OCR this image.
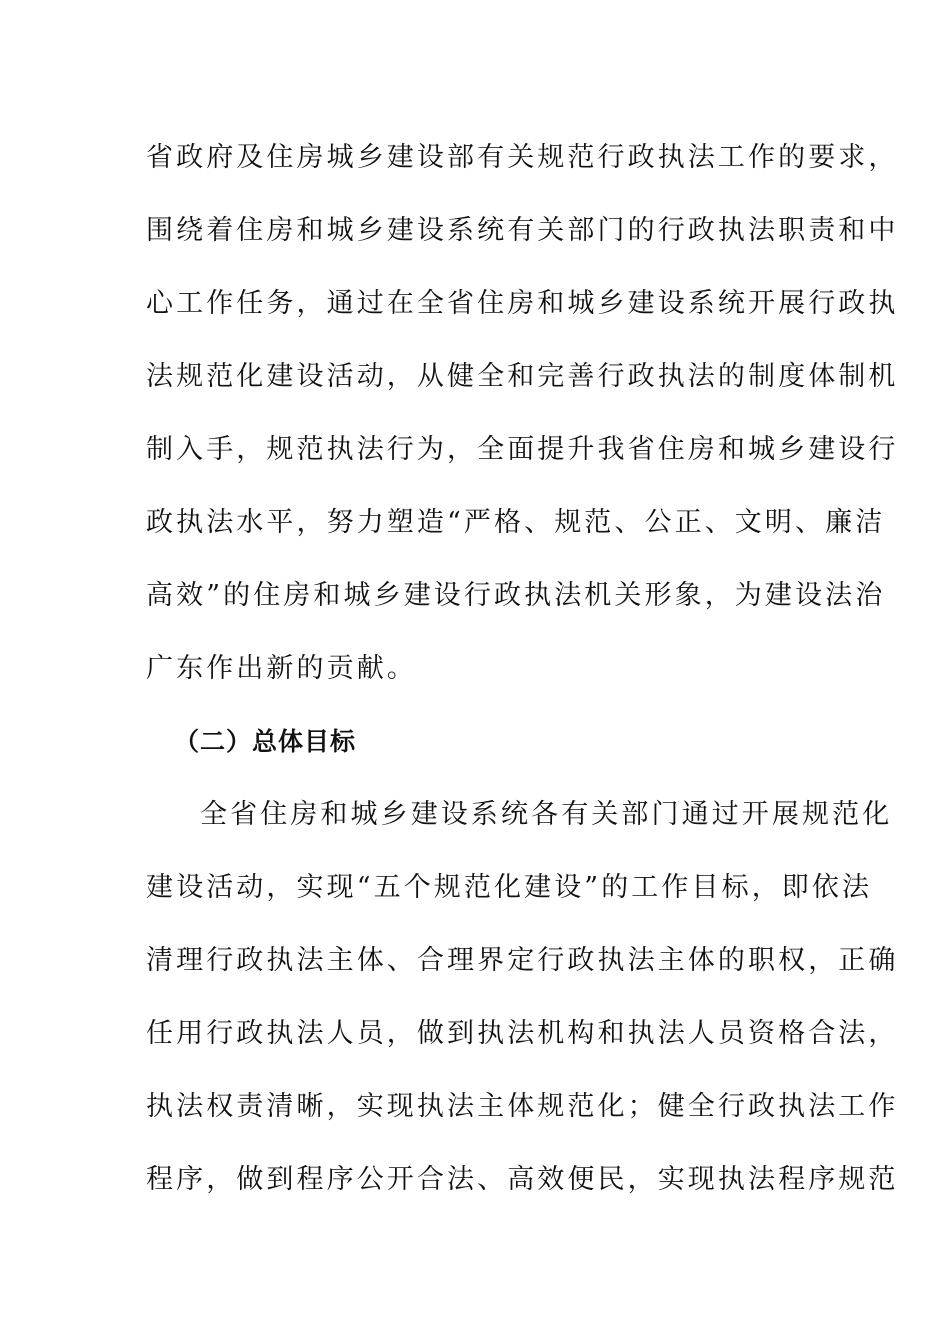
省政府及住房城乡建设部有关规范行政执法工作的要求，
围绕着住房和城乡建设系统有关部门的行政执法职责和中
心工作任务，通过在全省住房和城乡建设系统开展行政执
法规范化建设活动，从健全和完善行政执法的制度体制机
制入手，规范执法行为，全面提升我省住房和城乡建设行
政执法水平，努力塑造“严格、规范、公正、文明、廉洁
高效”的住房和城乡建设行政执法机关形象，为建设法治
广东作出新的贡献。
（二）总体目标
全省住房和城乡建设系统各有关部门通过开展规范化
建设活动，实现“五个规范化建设”的工作目标，即依法
清理行政执法主体、合理界定行政执法主体的职权，正确
任用行政执法人员，做到执法机构和执法人员资格合法，
执法权责清晰，实现执法主体规范化；健全行政执法工作
程序，做到程序公开合法、高效便民，实现执法程序规范
